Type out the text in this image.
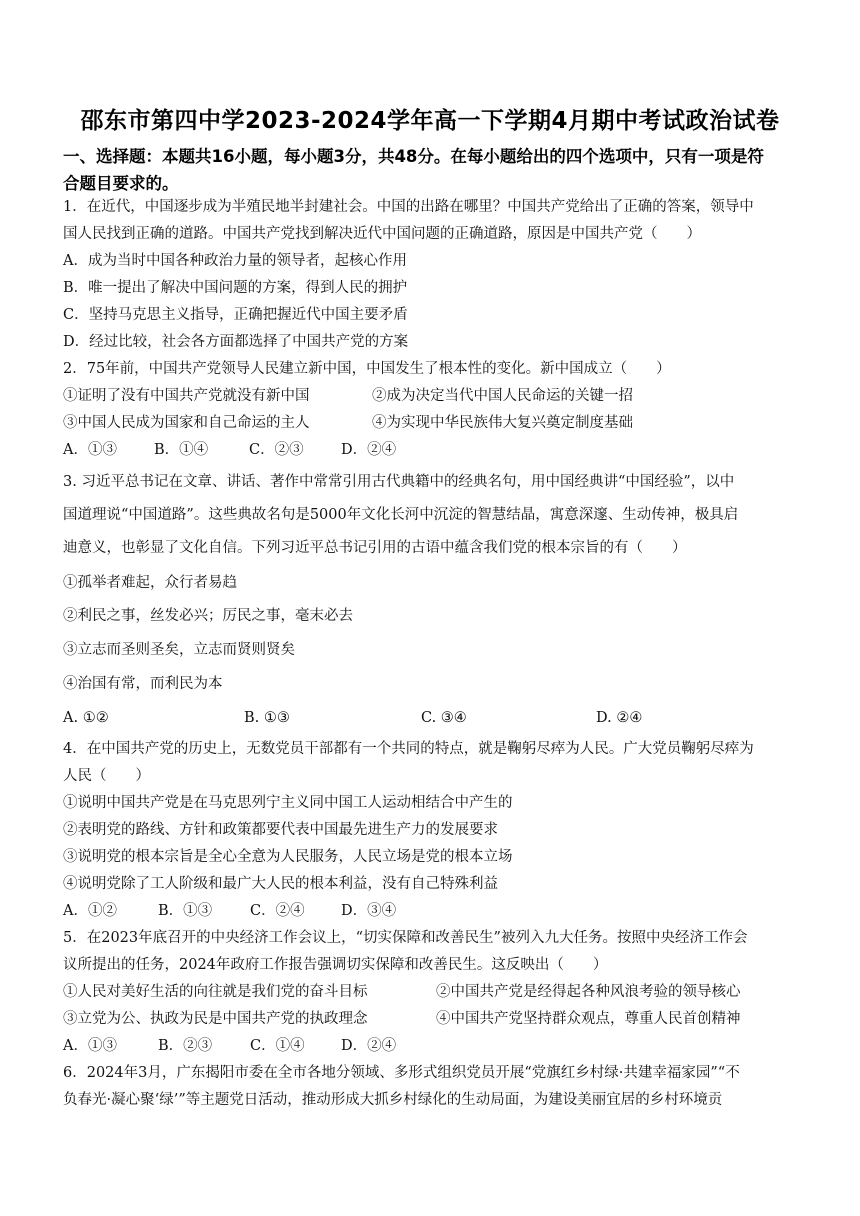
邵东市第四中学2023-2024学年高一下学期4月期中考试政治试卷
一、选择题：本题共16小题，每小题3分，共48分。在每小题给出的四个选项中，只有一项是符
合题目要求的。
1．在近代，中国逐步成为半殖民地半封建社会。中国的出路在哪里？中国共产党给出了正确的答案，领导中
国人民找到正确的道路。中国共产党找到解决近代中国问题的正确道路，原因是中国共产党（　　）
A．成为当时中国各种政治力量的领导者，起核心作用
B．唯一提出了解决中国问题的方案，得到人民的拥护
C．坚持马克思主义指导，正确把握近代中国主要矛盾
D．经过比较，社会各方面都选择了中国共产党的方案
2．75年前，中国共产党领导人民建立新中国，中国发生了根本性的变化。新中国成立（　　）
①证明了没有中国共产党就没有新中国	②成为决定当代中国人民命运的关键一招
③中国人民成为国家和自己命运的主人	④为实现中华民族伟大复兴奠定制度基础
A．①③	B．①④	C．②③	D．②④
3. 习近平总书记在文章、讲话、著作中常常引用古代典籍中的经典名句，用中国经典讲“中国经验”，以中
国道理说“中国道路”。这些典故名句是5000年文化长河中沉淀的智慧结晶，寓意深邃、生动传神，极具启
迪意义，也彰显了文化自信。下列习近平总书记引用的古语中蕴含我们党的根本宗旨的有（　　）
①孤举者难起，众行者易趋
②利民之事，丝发必兴；厉民之事，毫末必去
③立志而圣则圣矣，立志而贤则贤矣
④治国有常，而利民为本
A. ①②	B. ①③	C. ③④	D. ②④
4．在中国共产党的历史上，无数党员干部都有一个共同的特点，就是鞠躬尽瘁为人民。广大党员鞠躬尽瘁为
人民（　　）
①说明中国共产党是在马克思列宁主义同中国工人运动相结合中产生的
②表明党的路线、方针和政策都要代表中国最先进生产力的发展要求
③说明党的根本宗旨是全心全意为人民服务，人民立场是党的根本立场
④说明党除了工人阶级和最广大人民的根本利益，没有自己特殊利益
A．①②	B．①③	C．②④	D．③④
5．在2023年底召开的中央经济工作会议上，“切实保障和改善民生”被列入九大任务。按照中央经济工作会
议所提出的任务，2024年政府工作报告强调切实保障和改善民生。这反映出（　　）
①人民对美好生活的向往就是我们党的奋斗目标	②中国共产党是经得起各种风浪考验的领导核心
③立党为公、执政为民是中国共产党的执政理念	④中国共产党坚持群众观点，尊重人民首创精神
A．①③	B．②③	C．①④	D．②④
6．2024年3月，广东揭阳市委在全市各地分领域、多形式组织党员开展“党旗红乡村绿·共建幸福家园”“不
负春光·凝心聚‘绿’”等主题党日活动，推动形成大抓乡村绿化的生动局面，为建设美丽宜居的乡村环境贡
